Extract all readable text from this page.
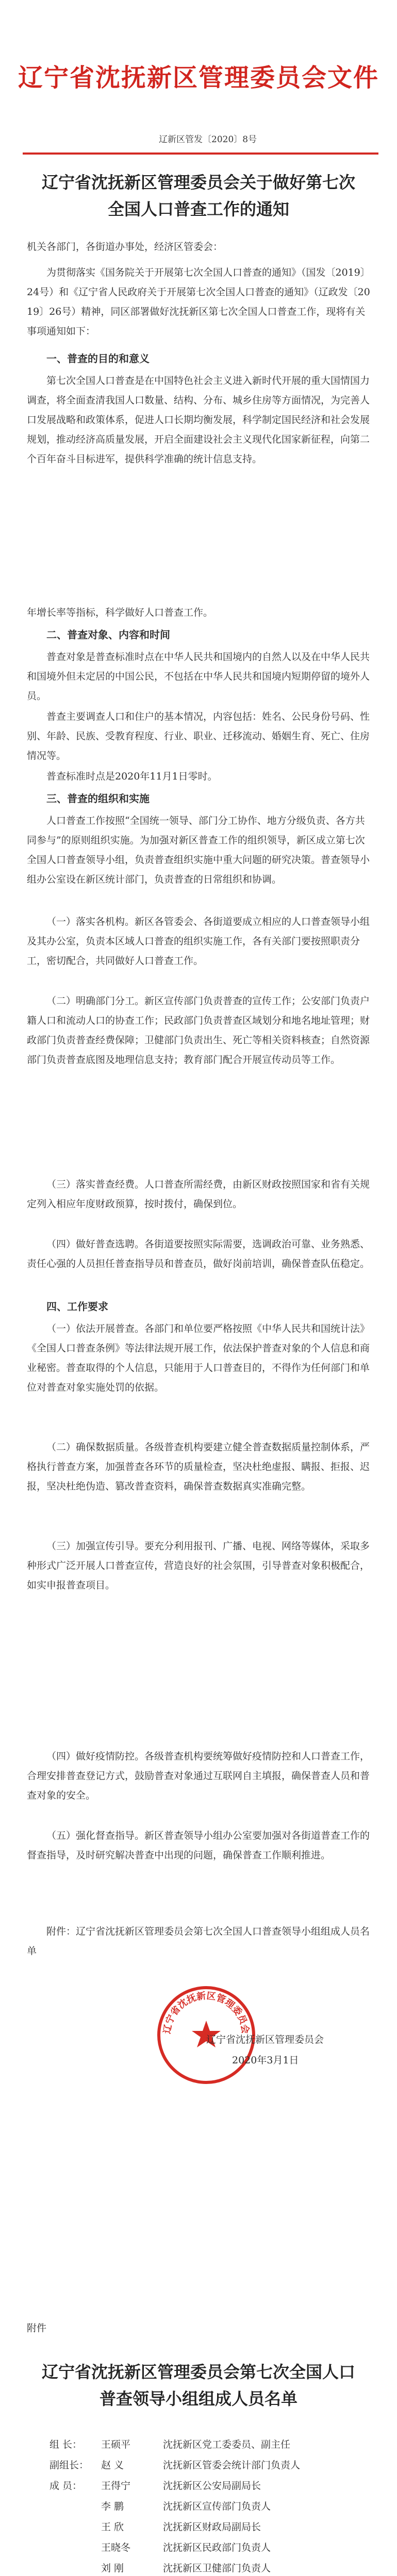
辽宁省沈抚新区管理委员会文件
辽新区管发〔2020〕8号
辽宁省沈抚新区管理委员会关于做好第七次
全国人口普查工作的通知
机关各部门，各街道办事处，经济区管委会：
为贯彻落实《国务院关于开展第七次全国人口普查的通知》（国发〔2019〕24号）和《辽宁省人民政府关于开展第七次全国人口普查的通知》（辽政发〔2019〕26号）精神，同区部署做好沈抚新区第七次全国人口普查工作，现将有关事项通知如下：
一、普查的目的和意义
第七次全国人口普查是在中国特色社会主义进入新时代开展的重大国情国力调查，将全面查清我国人口数量、结构、分布、城乡住房等方面情况，为完善人口发展战略和政策体系，促进人口长期均衡发展，科学制定国民经济和社会发展规划，推动经济高质量发展，开启全面建设社会主义现代化国家新征程，向第二个百年奋斗目标进军，提供科学准确的统计信息支持。
年增长率等指标，科学做好人口普查工作。
二、普查对象、内容和时间
普查对象是普查标准时点在中华人民共和国境内的自然人以及在中华人民共和国境外但未定居的中国公民，不包括在中华人民共和国境内短期停留的境外人员。
普查主要调查人口和住户的基本情况，内容包括：姓名、公民身份号码、性别、年龄、民族、受教育程度、行业、职业、迁移流动、婚姻生育、死亡、住房情况等。
普查标准时点是2020年11月1日零时。
三、普查的组织和实施
人口普查工作按照“全国统一领导、部门分工协作、地方分级负责、各方共同参与”的原则组织实施。为加强对新区普查工作的组织领导，新区成立第七次全国人口普查领导小组，负责普查组织实施中重大问题的研究决策。普查领导小组办公室设在新区统计部门，负责普查的日常组织和协调。
（一）落实各机构。新区各管委会、各街道要成立相应的人口普查领导小组及其办公室，负责本区域人口普查的组织实施工作，各有关部门要按照职责分工，密切配合，共同做好人口普查工作。
（二）明确部门分工。新区宣传部门负责普查的宣传工作；公安部门负责户籍人口和流动人口的协查工作；民政部门负责普查区域划分和地名地址管理；财政部门负责普查经费保障；卫健部门负责出生、死亡等相关资料核查；自然资源部门负责普查底图及地理信息支持；教育部门配合开展宣传动员等工作。
（三）落实普查经费。人口普查所需经费，由新区财政按照国家和省有关规定列入相应年度财政预算，按时拨付，确保到位。
（四）做好普查选聘。各街道要按照实际需要，选调政治可靠、业务熟悉、责任心强的人员担任普查指导员和普查员，做好岗前培训，确保普查队伍稳定。
四、工作要求
（一）依法开展普查。各部门和单位要严格按照《中华人民共和国统计法》《全国人口普查条例》等法律法规开展工作，依法保护普查对象的个人信息和商业秘密。普查取得的个人信息，只能用于人口普查目的，不得作为任何部门和单位对普查对象实施处罚的依据。
（二）确保数据质量。各级普查机构要建立健全普查数据质量控制体系，严格执行普查方案，加强普查各环节的质量检查，坚决杜绝虚报、瞒报、拒报、迟报，坚决杜绝伪造、篡改普查资料，确保普查数据真实准确完整。
（三）加强宣传引导。要充分利用报刊、广播、电视、网络等媒体，采取多种形式广泛开展人口普查宣传，营造良好的社会氛围，引导普查对象积极配合，如实申报普查项目。
（四）做好疫情防控。各级普查机构要统筹做好疫情防控和人口普查工作，合理安排普查登记方式，鼓励普查对象通过互联网自主填报，确保普查人员和普查对象的安全。
（五）强化督查指导。新区普查领导小组办公室要加强对各街道普查工作的督查指导，及时研究解决普查中出现的问题，确保普查工作顺利推进。
附件：辽宁省沈抚新区管理委员会第七次全国人口普查领导小组组成人员名单
辽宁省沈抚新区管理委员会
辽宁省沈抚新区管理委员会
2020年3月1日
附件
辽宁省沈抚新区管理委员会第七次全国人口
普查领导小组组成人员名单
组 长： 王硕平	沈抚新区党工委委员、副主任
副组长： 赵 义	沈抚新区管委会统计部门负责人
成 员： 王得宁	沈抚新区公安局副局长
李 鹏	沈抚新区宣传部门负责人
王 欣	沈抚新区财政局副局长
王晓冬	沈抚新区民政部门负责人
刘 刚	沈抚新区卫健部门负责人
